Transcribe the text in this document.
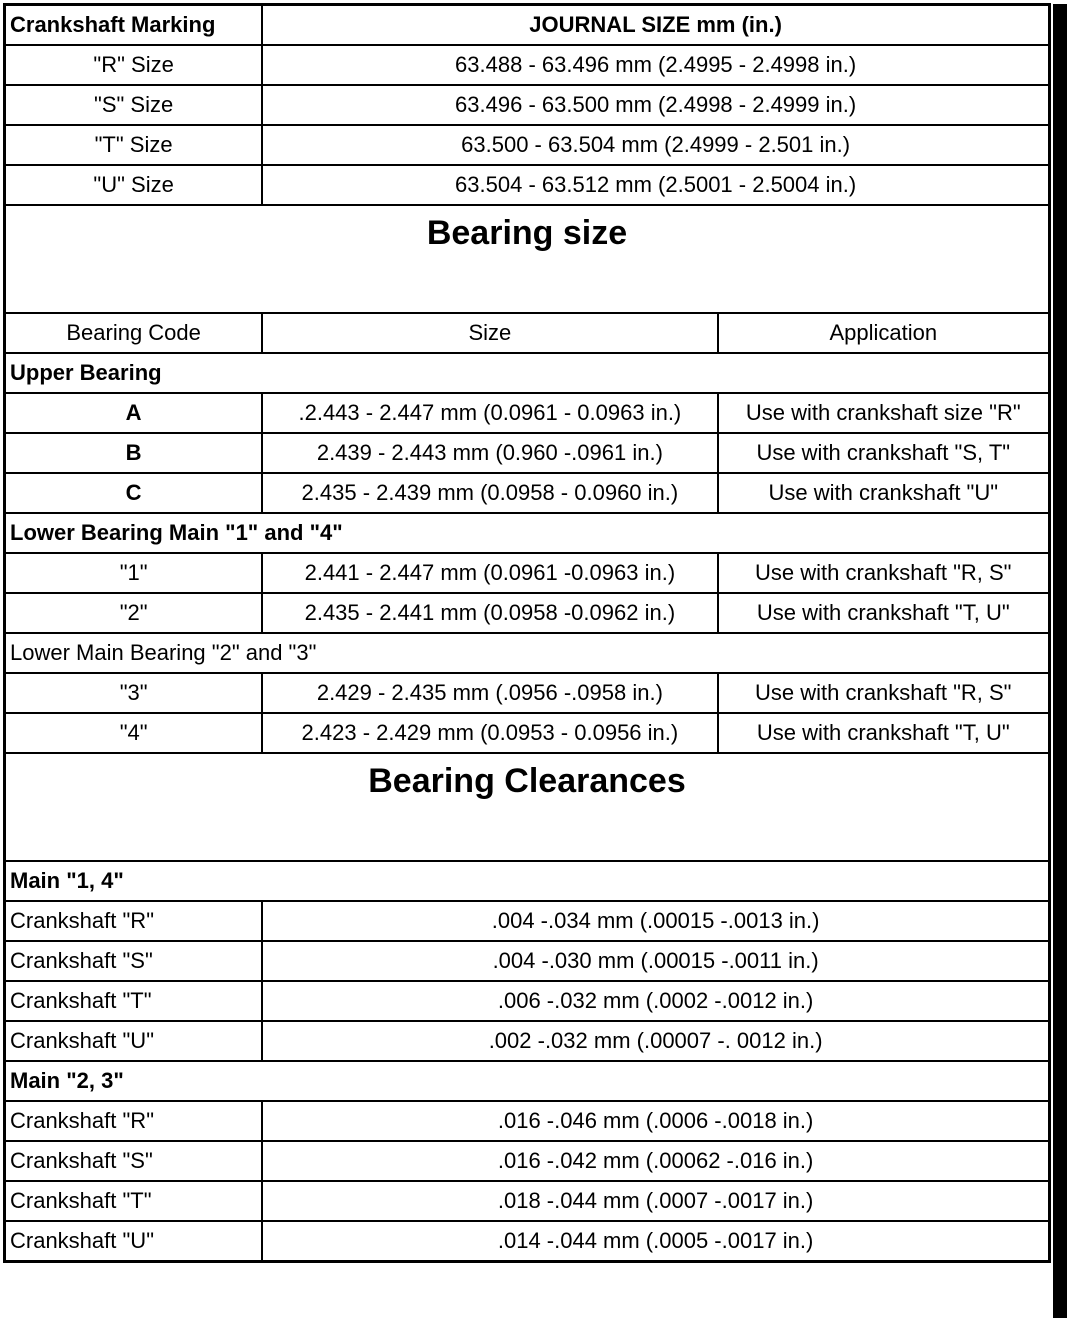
Crankshaft Marking	JOURNAL SIZE mm (in.)	
"R" Size	63.488 - 63.496 mm (2.4995 - 2.4998 in.)	
"S" Size	63.496 - 63.500 mm (2.4998 - 2.4999 in.)	
"T" Size	63.500 - 63.504 mm (2.4999 - 2.501 in.)	
"U" Size	63.504 - 63.512 mm (2.5001 - 2.5004 in.)	
Bearing size		
Bearing Code	Size	Application
Upper Bearing		
A	.2.443 - 2.447 mm (0.0961 - 0.0963 in.)	Use with crankshaft size "R"
B	2.439 - 2.443 mm (0.960 -.0961 in.)	Use with crankshaft "S, T"
C	2.435 - 2.439 mm (0.0958 - 0.0960 in.)	Use with crankshaft "U"
Lower Bearing Main "1" and "4"		
"1"	2.441 - 2.447 mm (0.0961 -0.0963 in.)	Use with crankshaft "R, S"
"2"	2.435 - 2.441 mm (0.0958 -0.0962 in.)	Use with crankshaft "T, U"
Lower Main Bearing "2" and "3"		
"3"	2.429 - 2.435 mm (.0956 -.0958 in.)	Use with crankshaft "R, S"
"4"	2.423 - 2.429 mm (0.0953 - 0.0956 in.)	Use with crankshaft "T, U"
Bearing Clearances		
Main "1, 4"		
Crankshaft "R"	.004 -.034 mm (.00015 -.0013 in.)	
Crankshaft "S"	.004 -.030 mm (.00015 -.0011 in.)	
Crankshaft "T"	.006 -.032 mm (.0002 -.0012 in.)	
Crankshaft "U"	.002 -.032 mm (.00007 -. 0012 in.)	
Main "2, 3"		
Crankshaft "R"	.016 -.046 mm (.0006 -.0018 in.)	
Crankshaft "S"	.016 -.042 mm (.00062 -.016 in.)	
Crankshaft "T"	.018 -.044 mm (.0007 -.0017 in.)	
Crankshaft "U"	.014 -.044 mm (.0005 -.0017 in.)	
